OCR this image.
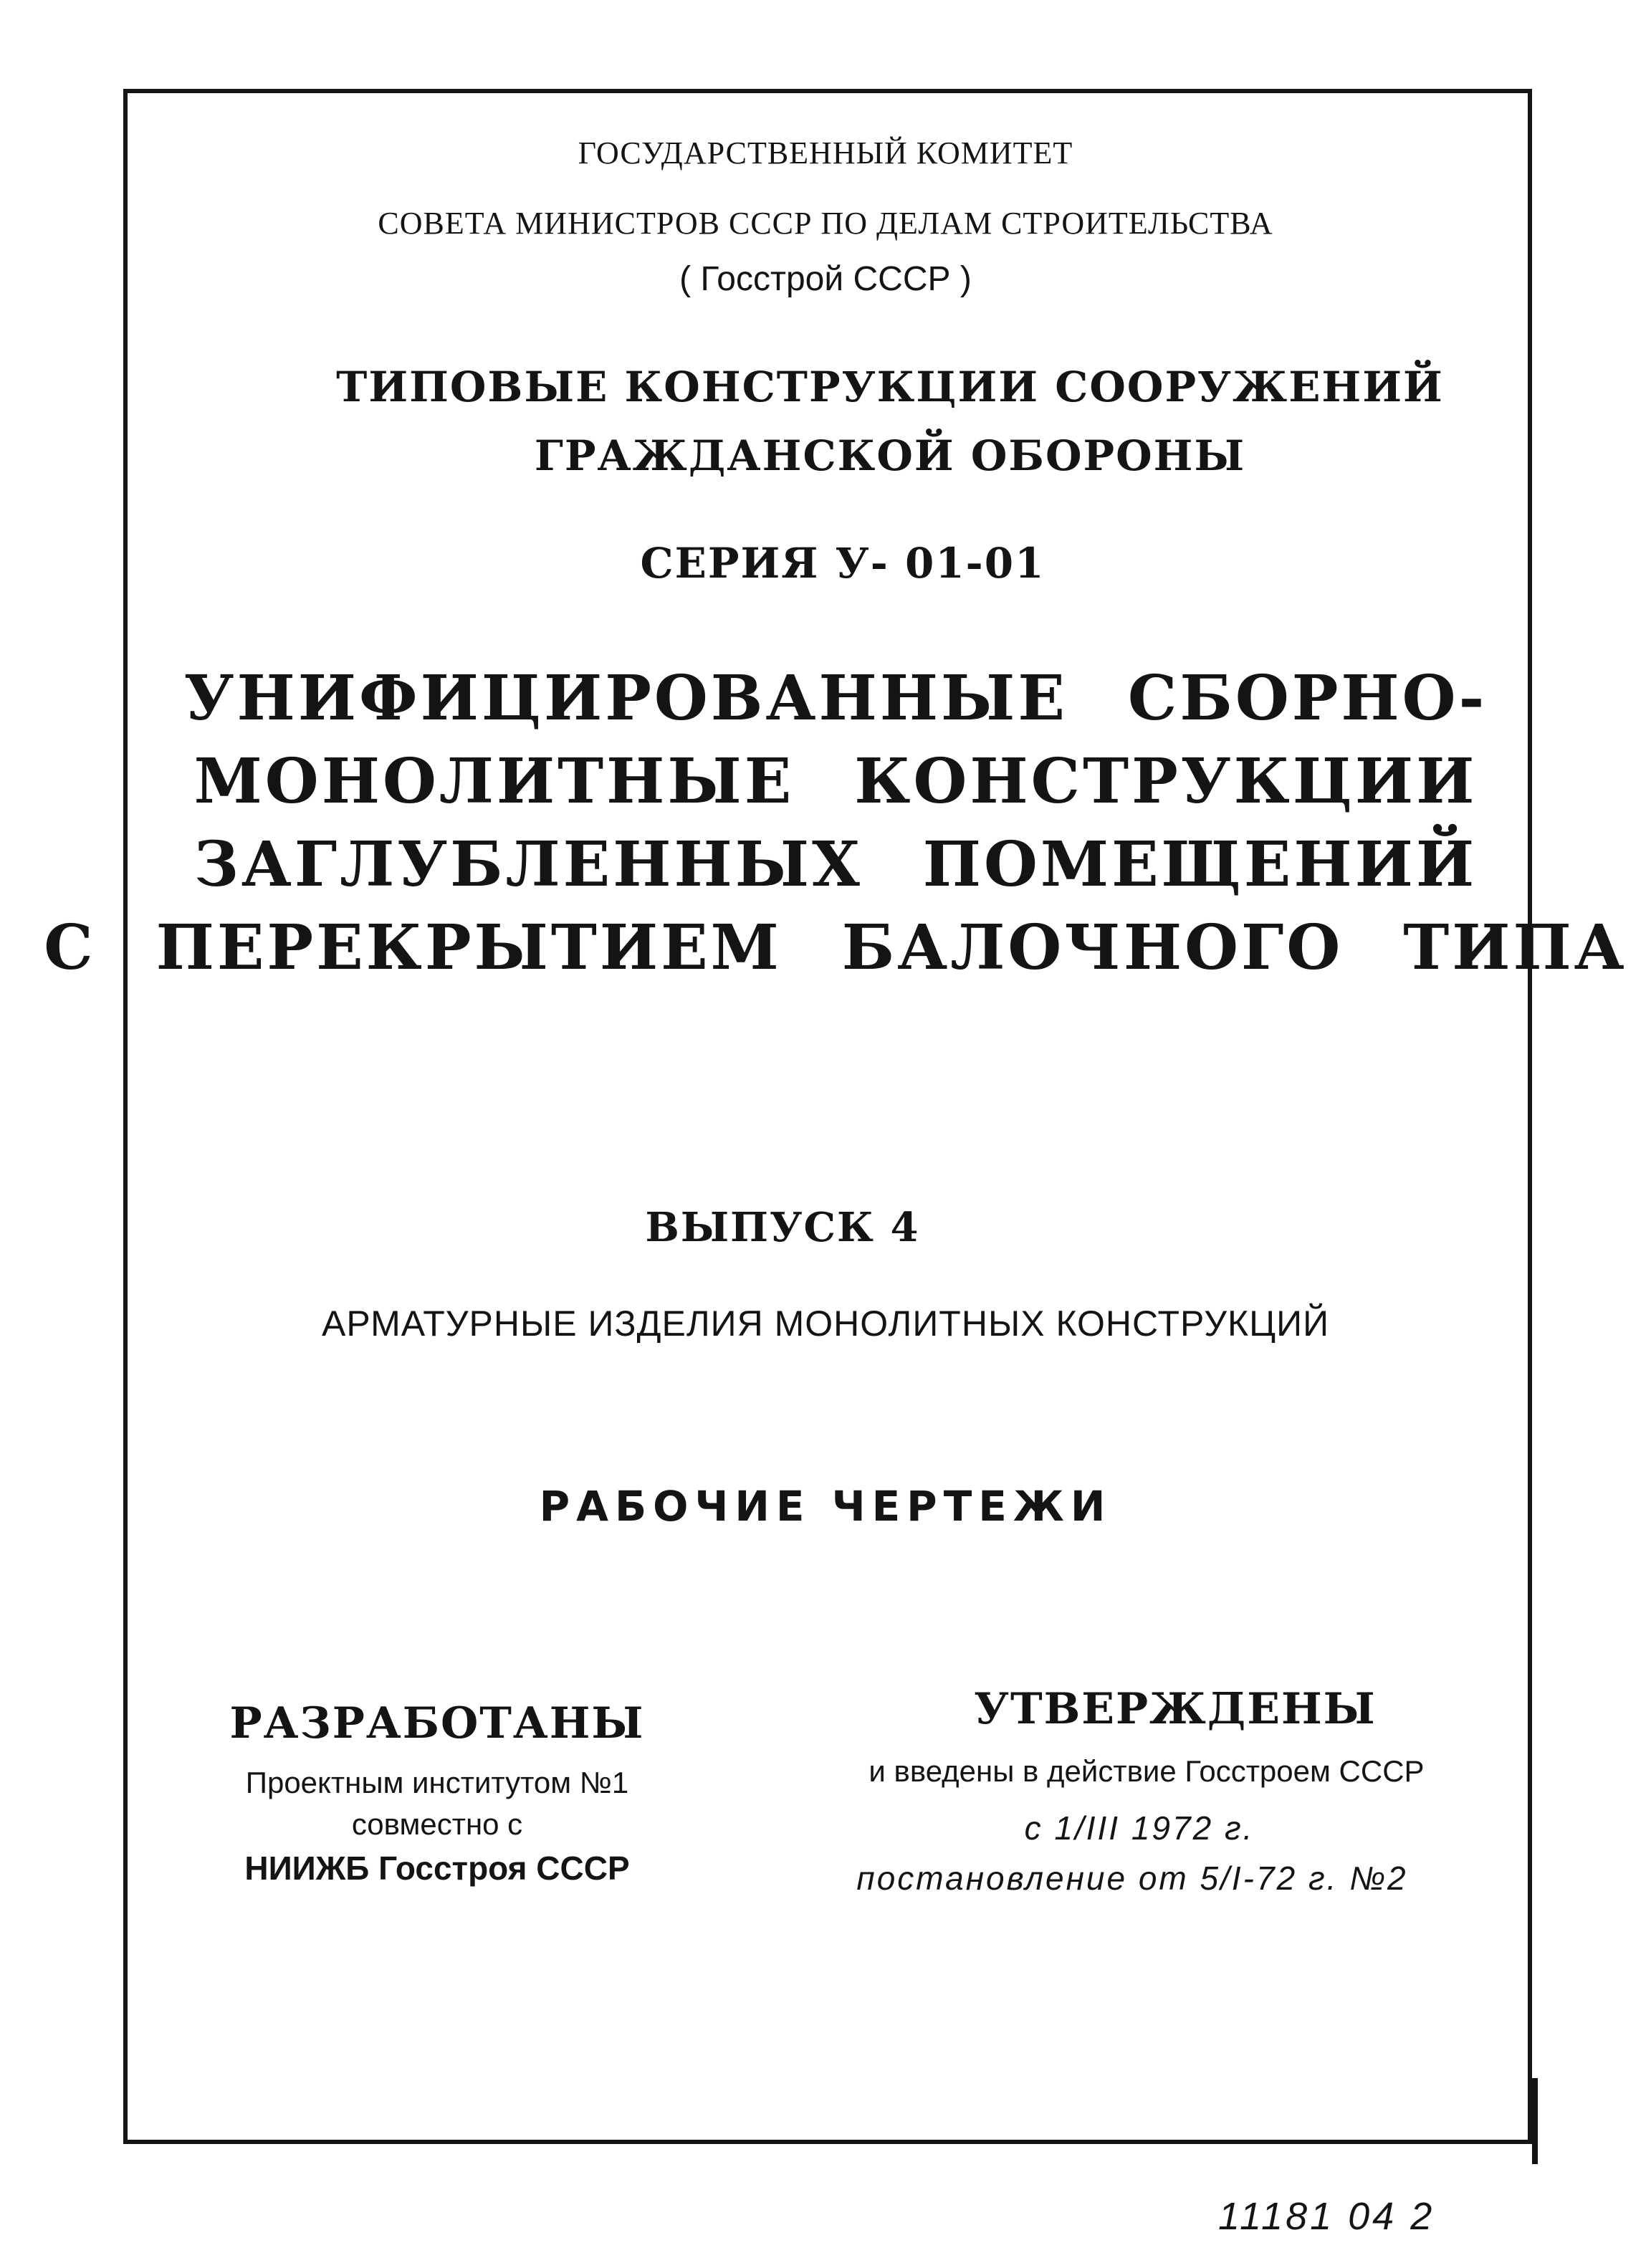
ГОСУДАРСТВЕННЫЙ КОМИТЕТ

СОВЕТА МИНИСТРОВ СССР ПО ДЕЛАМ СТРОИТЕЛЬСТВА

( Госстрой СССР )

ТИПОВЫЕ КОНСТРУКЦИИ СООРУЖЕНИЙ

ГРАЖДАНСКОЙ ОБОРОНЫ

СЕРИЯ У- 01-01

УНИФИЦИРОВАННЫЕ СБОРНО-

МОНОЛИТНЫЕ КОНСТРУКЦИИ

ЗАГЛУБЛЕННЫХ ПОМЕЩЕНИЙ

С ПЕРЕКРЫТИЕМ БАЛОЧНОГО ТИПА

ВЫПУСК 4

АРМАТУРНЫЕ ИЗДЕЛИЯ МОНОЛИТНЫХ КОНСТРУКЦИЙ

РАБОЧИЕ ЧЕРТЕЖИ

РАЗРАБОТАНЫ

Проектным институтом №1

совместно с

НИИЖБ Госстроя СССР

УТВЕРЖДЕНЫ

и введены в действие Госстроем СССР

с 1/III 1972 г.

постановление от 5/I-72 г. №2

11181 04 2
